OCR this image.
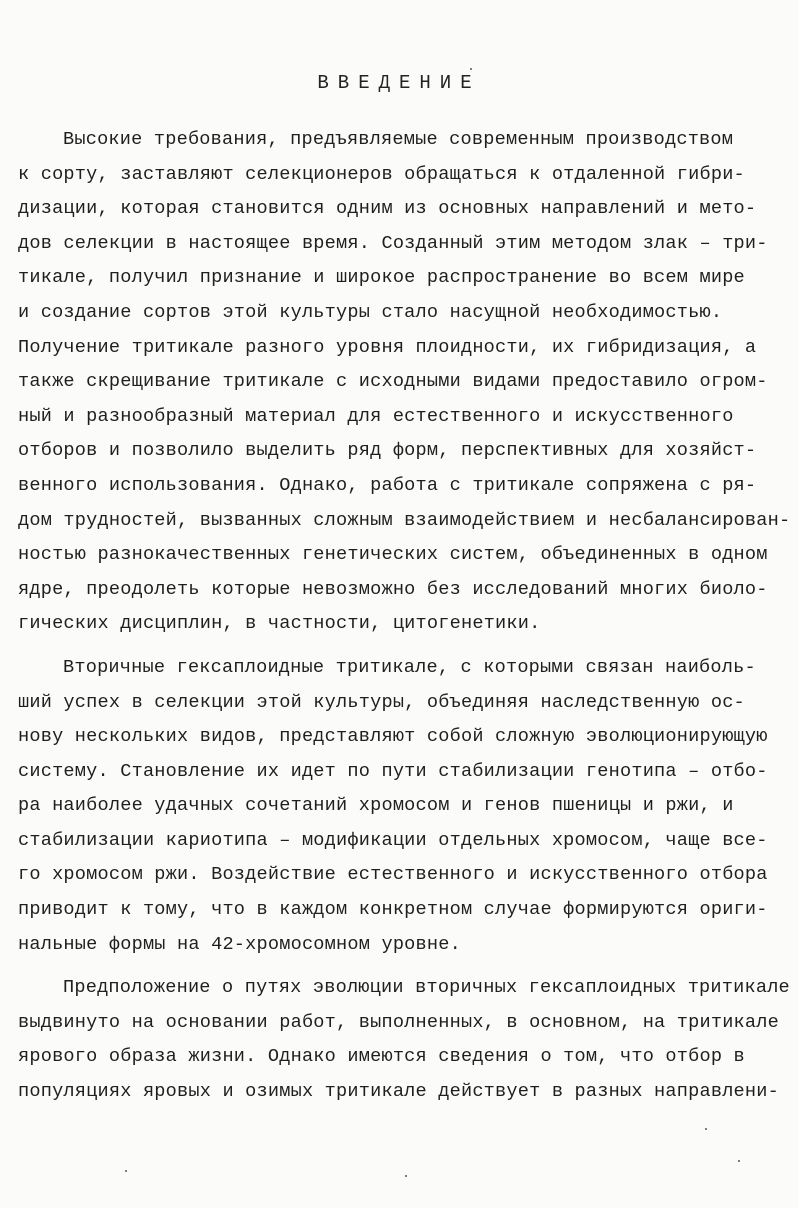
ВВЕДЕНИЕ
Высокие требования, предъявляемые современным производством
к сорту, заставляют селекционеров обращаться к отдаленной гибри-
дизации, которая становится одним из основных направлений и мето-
дов селекции в настоящее время. Созданный этим методом злак – три-
тикале, получил признание и широкое распространение во всем мире
и создание сортов этой культуры стало насущной необходимостью.
Получение тритикале разного уровня плоидности, их гибридизация, а
также скрещивание тритикале с исходными видами предоставило огром-
ный и разнообразный материал для естественного и искусственного
отборов и позволило выделить ряд форм, перспективных для хозяйст-
венного использования. Однако, работа с тритикале сопряжена с ря-
дом трудностей, вызванных сложным взаимодействием и несбалансирован-
ностью разнокачественных генетических систем, объединенных в одном
ядре, преодолеть которые невозможно без исследований многих биоло-
гических дисциплин, в частности, цитогенетики.
Вторичные гексаплоидные тритикале, с которыми связан наиболь-
ший успех в селекции этой культуры, объединяя наследственную ос-
нову нескольких видов, представляют собой сложную эволюционирующую
систему. Становление их идет по пути стабилизации генотипа – отбо-
ра наиболее удачных сочетаний хромосом и генов пшеницы и ржи, и
стабилизации кариотипа – модификации отдельных хромосом, чаще все-
го хромосом ржи. Воздействие естественного и искусственного отбора
приводит к тому, что в каждом конкретном случае формируются ориги-
нальные формы на 42-хромосомном уровне.
Предположение о путях эволюции вторичных гексаплоидных тритикале
выдвинуто на основании работ, выполненных, в основном, на тритикале
ярового образа жизни. Однако имеются сведения о том, что отбор в
популяциях яровых и озимых тритикале действует в разных направлени-
